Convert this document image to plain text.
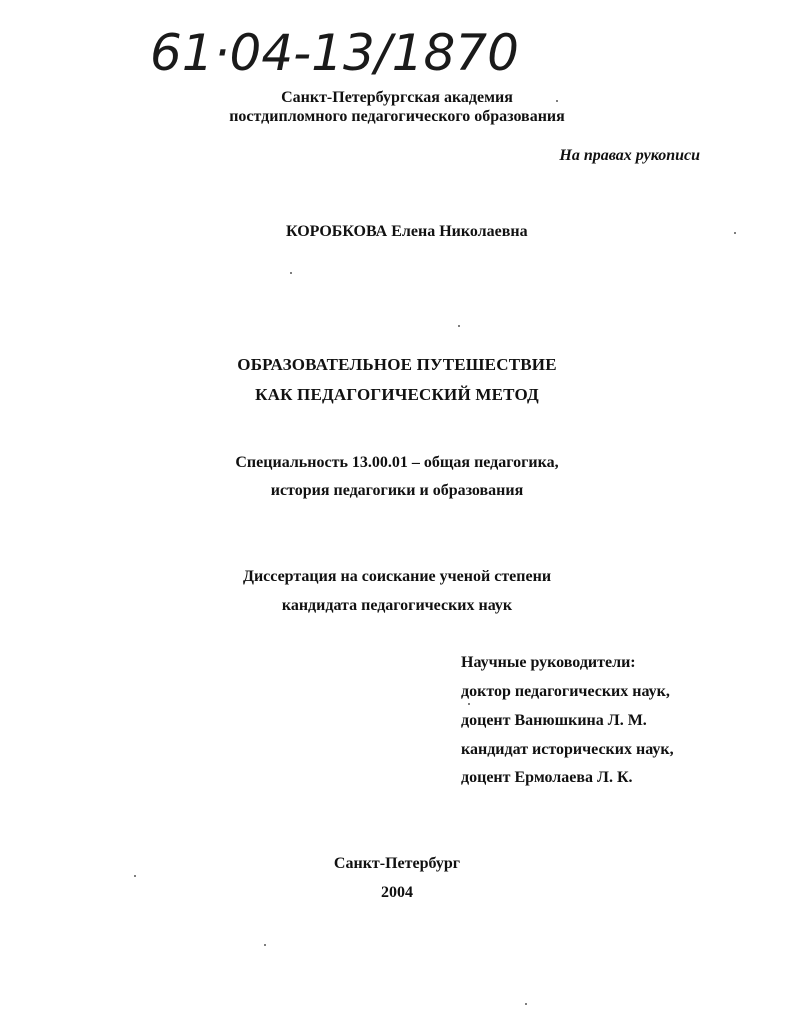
61·04-13/1870
Санкт-Петербургская академия
постдипломного педагогического образования
На правах рукописи
КОРОБКОВА Елена Николаевна
ОБРАЗОВАТЕЛЬНОЕ ПУТЕШЕСТВИЕ
КАК ПЕДАГОГИЧЕСКИЙ МЕТОД
Специальность 13.00.01 – общая педагогика,
история педагогики и образования
Диссертация на соискание ученой степени
кандидата педагогических наук
Научные руководители:
доктор педагогических наук,
доцент Ванюшкина Л. М.
кандидат исторических наук,
доцент Ермолаева Л. К.
Санкт-Петербург
2004
